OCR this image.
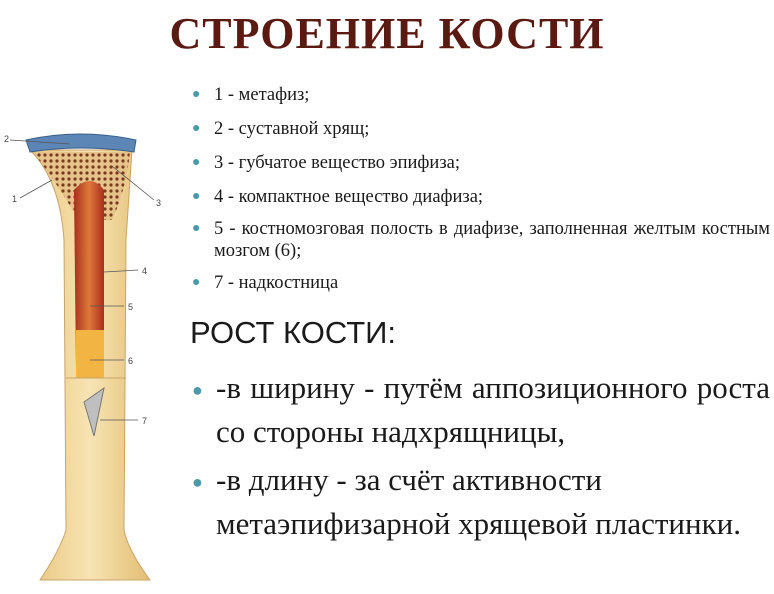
СТРОЕНИЕ КОСТИ
2
1	3
4
5
6
7
● 1 - метафиз;
● 2 - суставной хрящ;
● 3 - губчатое вещество эпифиза;
● 4 - компактное вещество диафиза;
● 5 - костномозговая полость в диафизе, заполненная желтым костным мозгом (6);
● 7 - надкостница
РОСТ КОСТИ:
● -в ширину - путём аппозиционного роста со стороны надхрящницы,
● -в длину - за счёт активности метаэпифизарной хрящевой пластинки.
